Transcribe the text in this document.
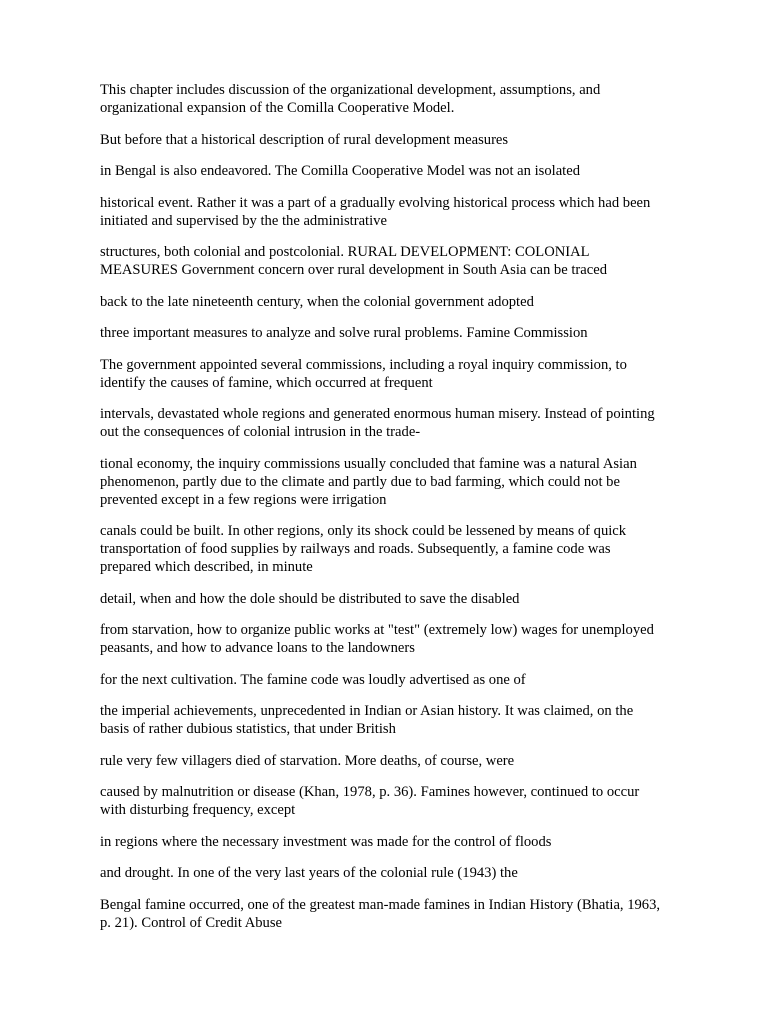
This chapter includes discussion of the organizational development, assumptions, and
organizational expansion of the Comilla Cooperative Model.

But before that a historical description of rural development measures

in Bengal is also endeavored. The Comilla Cooperative Model was not an isolated

historical event. Rather it was a part of a gradually evolving historical process which had been
initiated and supervised by the the administrative

structures, both colonial and postcolonial. RURAL DEVELOPMENT: COLONIAL
MEASURES Government concern over rural development in South Asia can be traced

back to the late nineteenth century, when the colonial government adopted

three important measures to analyze and solve rural problems. Famine Commission

The government appointed several commissions, including a royal inquiry commission, to
identify the causes of famine, which occurred at frequent

intervals, devastated whole regions and generated enormous human misery. Instead of pointing
out the consequences of colonial intrusion in the trade-

tional economy, the inquiry commissions usually concluded that famine was a natural Asian
phenomenon, partly due to the climate and partly due to bad farming, which could not be
prevented except in a few regions were irrigation

canals could be built. In other regions, only its shock could be lessened by means of quick
transportation of food supplies by railways and roads. Subsequently, a famine code was
prepared which described, in minute

detail, when and how the dole should be distributed to save the disabled

from starvation, how to organize public works at "test" (extremely low) wages for unemployed
peasants, and how to advance loans to the landowners

for the next cultivation. The famine code was loudly advertised as one of

the imperial achievements, unprecedented in Indian or Asian history. It was claimed, on the
basis of rather dubious statistics, that under British

rule very few villagers died of starvation. More deaths, of course, were

caused by malnutrition or disease (Khan, 1978, p. 36). Famines however, continued to occur
with disturbing frequency, except

in regions where the necessary investment was made for the control of floods

and drought. In one of the very last years of the colonial rule (1943) the

Bengal famine occurred, one of the greatest man-made famines in Indian History (Bhatia, 1963,
p. 21). Control of Credit Abuse
